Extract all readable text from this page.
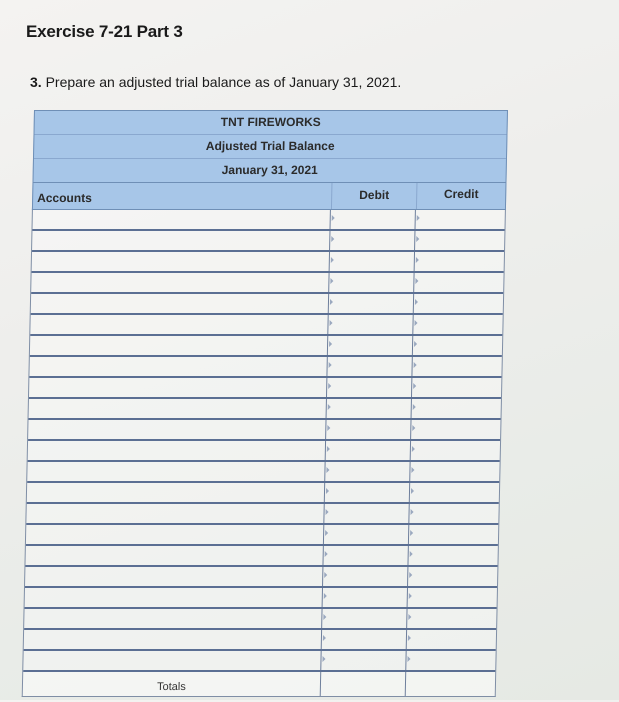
Exercise 7-21 Part 3
3. Prepare an adjusted trial balance as of January 31, 2021.
TNT FIREWORKS
Adjusted Trial Balance
January 31, 2021
Accounts	Debit	Credit
Totals
